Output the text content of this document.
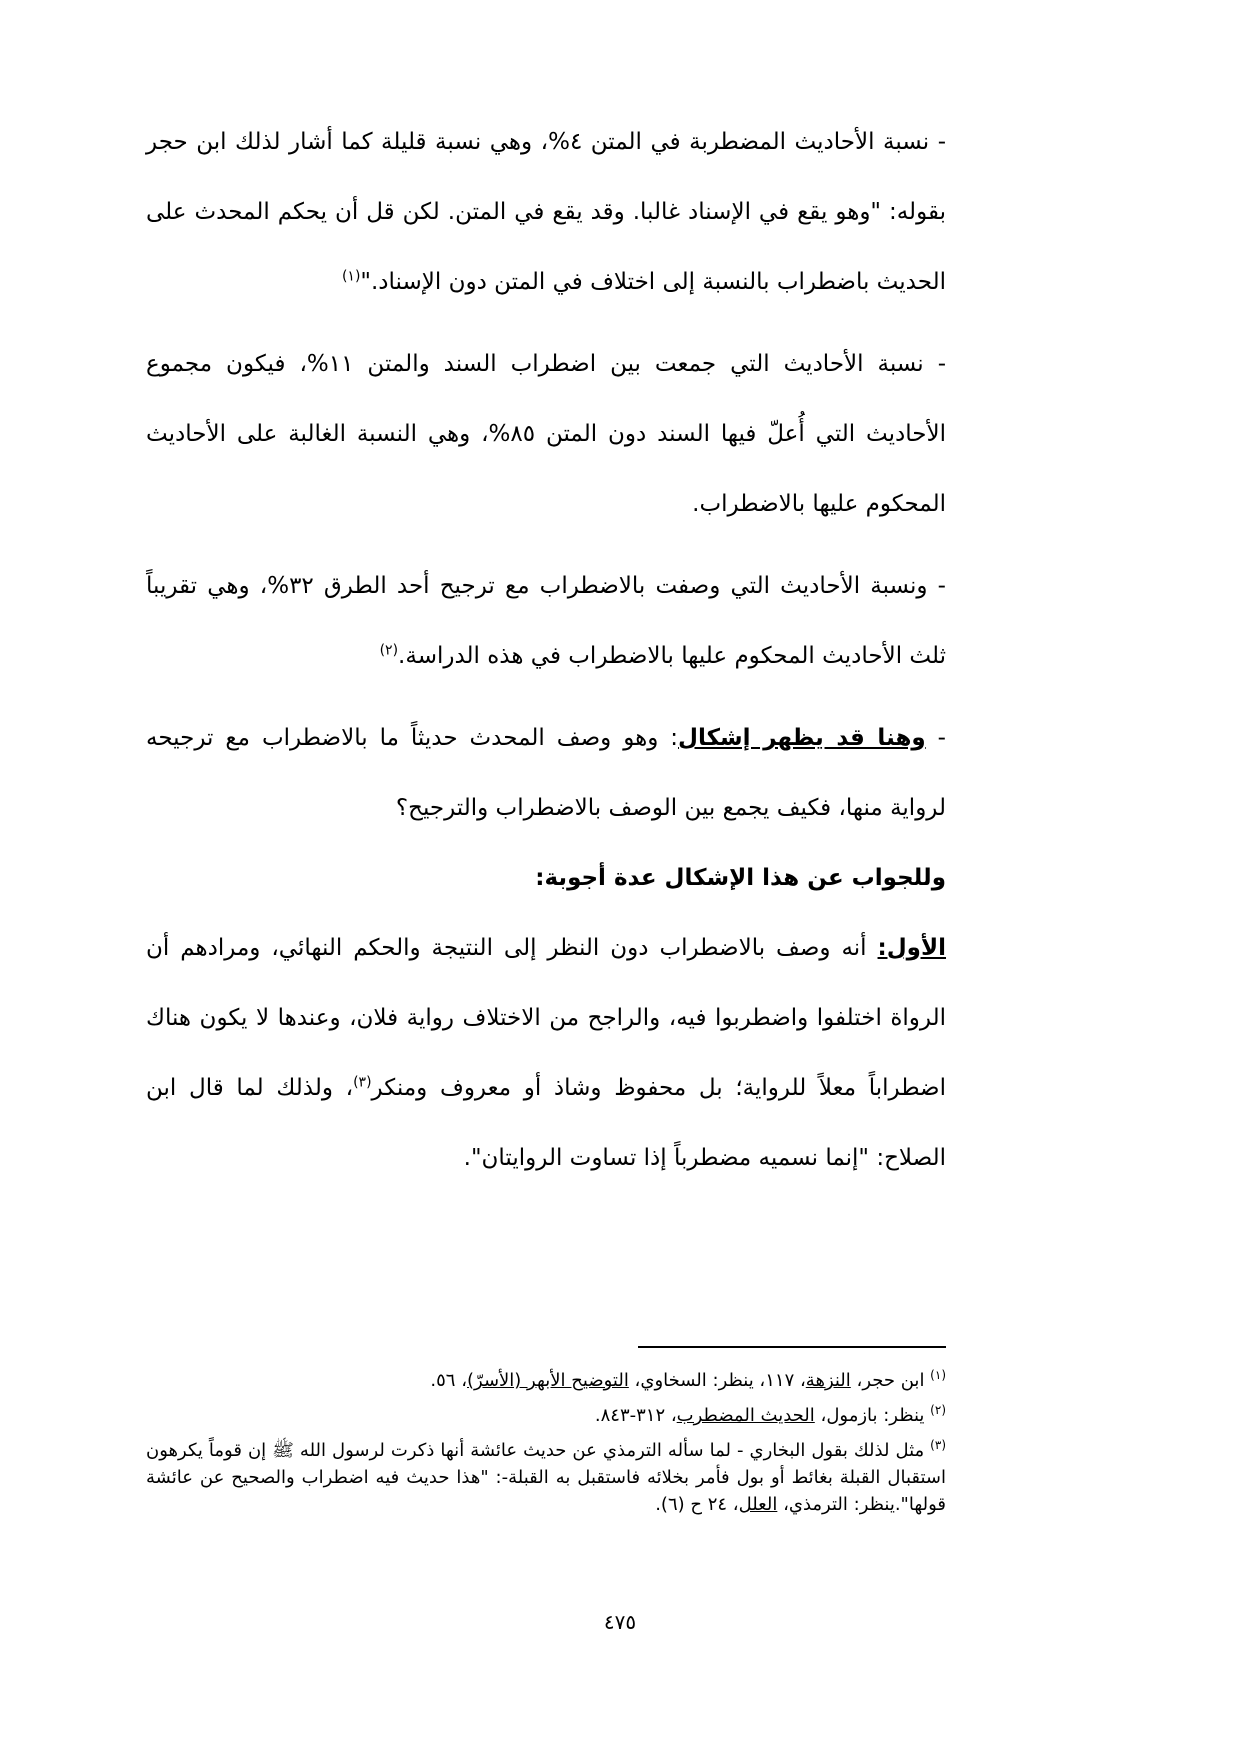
- نسبة الأحاديث المضطربة في المتن ٤%، وهي نسبة قليلة كما أشار لذلك ابن حجر بقوله: "وهو يقع في الإسناد غالبا. وقد يقع في المتن. لكن قل أن يحكم المحدث على الحديث باضطراب بالنسبة إلى اختلاف في المتن دون الإسناد."$^{(١)}$

- نسبة الأحاديث التي جمعت بين اضطراب السند والمتن ١١%، فيكون مجموع الأحاديث التي أُعلّ فيها السند دون المتن ٨٥%، وهي النسبة الغالبة على الأحاديث المحكوم عليها بالاضطراب.

- ونسبة الأحاديث التي وصفت بالاضطراب مع ترجيح أحد الطرق ٣٢%، وهي تقريباً ثلث الأحاديث المحكوم عليها بالاضطراب في هذه الدراسة.$^{(٢)}$

- وهنا قد يظهر إشكال: وهو وصف المحدث حديثاً ما بالاضطراب مع ترجيحه لرواية منها، فكيف يجمع بين الوصف بالاضطراب والترجيح؟

وللجواب عن هذا الإشكال عدة أجوبة:

الأول: أنه وصف بالاضطراب دون النظر إلى النتيجة والحكم النهائي، ومرادهم أن الرواة اختلفوا واضطربوا فيه، والراجح من الاختلاف رواية فلان، وعندها لا يكون هناك اضطراباً معلاً للرواية؛ بل محفوظ وشاذ أو معروف ومنكر$^{(٣)}$، ولذلك لما قال ابن الصلاح: "إنما نسميه مضطرباً إذا تساوت الروايتان".

$^{(١)}$ ابن حجر، النزهة، ١١٧، ينظر: السخاوي، التوضيح الأبهر (الأسرّ)، ٥٦.

$^{(٢)}$ ينظر: بازمول، الحديث المضطرب، ٣١٢-٨٤٣.

$^{(٣)}$ مثل لذلك بقول البخاري - لما سأله الترمذي عن حديث عائشة أنها ذكرت لرسول الله ﷺ إن قوماً يكرهون استقبال القبلة بغائط أو بول فأمر بخلائه فاستقبل به القبلة-: "هذا حديث فيه اضطراب والصحيح عن عائشة قولها".ينظر: الترمذي، العلل، ٢٤ ح (٦).

٤٧٥
